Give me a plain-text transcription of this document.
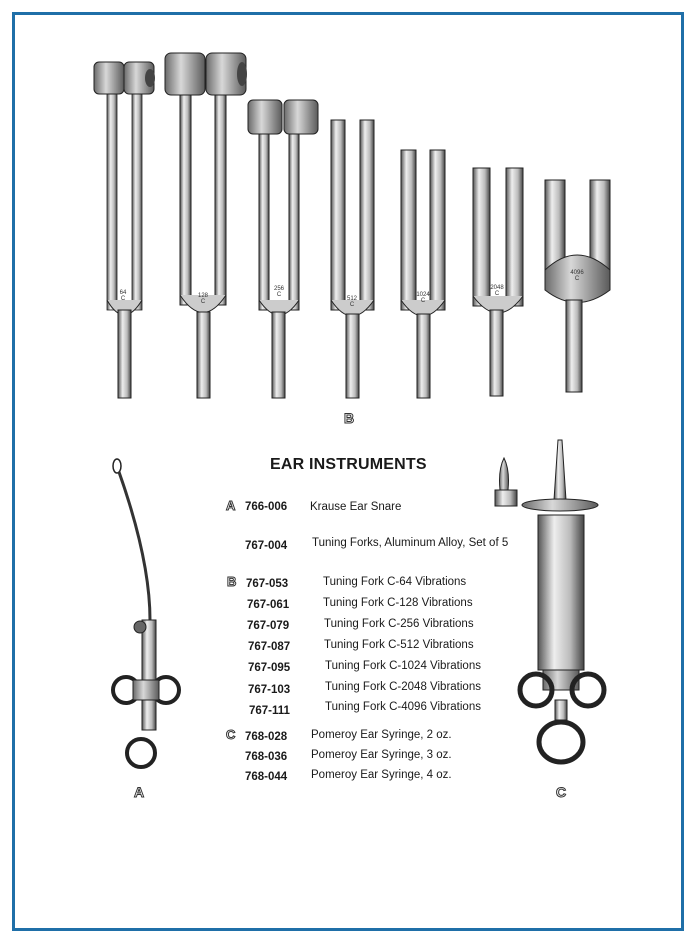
64
C	128
C
256
C
512
C
1024
C
2048
C
4096
C
B
A	C
EAR INSTRUMENTS
A 766-006 Krause Ear Snare
767-004 Tuning Forks, Aluminum Alloy, Set of 5
B 767-053	Tuning Fork C-64 Vibrations
767-061	Tuning Fork C-128 Vibrations
767-079	Tuning Fork C-256 Vibrations
767-087	Tuning Fork C-512 Vibrations
767-095	Tuning Fork C-1024 Vibrations
767-103	Tuning Fork C-2048 Vibrations
767-111	Tuning Fork C-4096 Vibrations
C 768-028 Pomeroy Ear Syringe, 2 oz.
768-036 Pomeroy Ear Syringe, 3 oz.
768-044 Pomeroy Ear Syringe, 4 oz.
